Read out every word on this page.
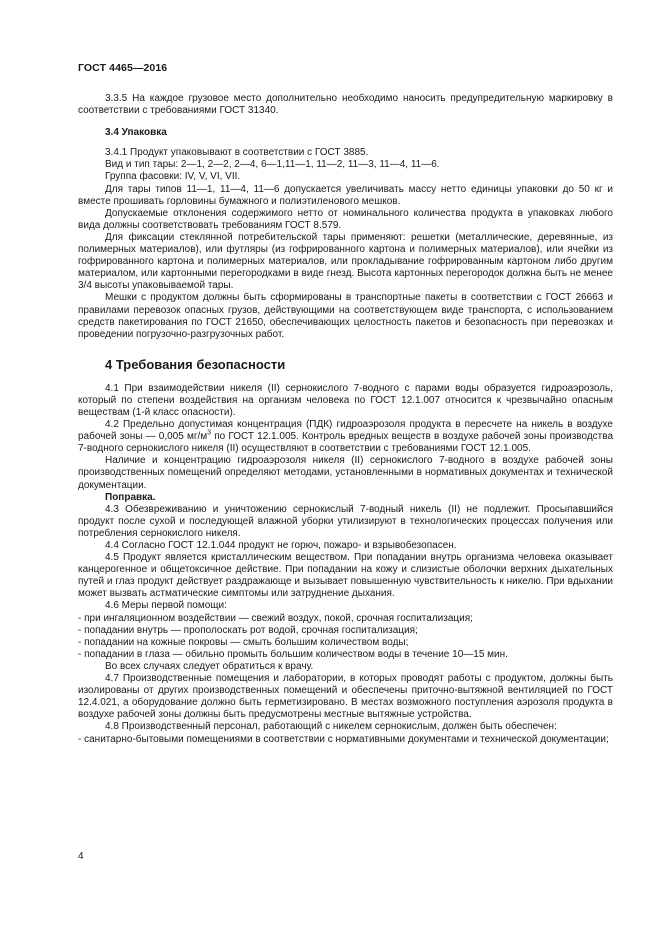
ГОСТ 4465—2016

3.3.5 На каждое грузовое место дополнительно необходимо наносить предупредительную маркировку в соответствии с требованиями ГОСТ 31340.

3.4 Упаковка

3.4.1 Продукт упаковывают в соответствии с ГОСТ 3885.

Вид и тип тары: 2—1, 2—2, 2—4, 6—1,11—1, 11—2, 11—3, 11—4, 11—6.

Группа фасовки: IV, V, VI, VII.

Для тары типов 11—1, 11—4, 11—6 допускается увеличивать массу нетто единицы упаковки до 50 кг и вместе прошивать горловины бумажного и полиэтиленового мешков.

Допускаемые отклонения содержимого нетто от номинального количества продукта в упаковках любого вида должны соответствовать требованиям ГОСТ 8.579.

Для фиксации стеклянной потребительской тары применяют: решетки (металлические, деревянные, из полимерных материалов), или футляры (из гофрированного картона и полимерных материалов), или ячейки из гофрированного картона и полимерных материалов, или прокладывание гофрированным картоном либо другим материалом, или картонными перегородками в виде гнезд. Высота картонных перегородок должна быть не менее 3/4 высоты упаковываемой тары.

Мешки с продуктом должны быть сформированы в транспортные пакеты в соответствии с ГОСТ 26663 и правилами перевозок опасных грузов, действующими на соответствующем виде транспорта, с использованием средств пакетирования по ГОСТ 21650, обеспечивающих целостность пакетов и безопасность при перевозках и проведении погрузочно-разгрузочных работ.

4 Требования безопасности

4.1 При взаимодействии никеля (II) сернокислого 7-водного с парами воды образуется гидроаэрозоль, который по степени воздействия на организм человека по ГОСТ 12.1.007 относится к чрезвычайно опасным веществам (1-й класс опасности).

4.2 Предельно допустимая концентрация (ПДК) гидроаэрозоля продукта в пересчете на никель в воздухе рабочей зоны — 0,005 $мг/м^3$ по ГОСТ 12.1.005. Контроль вредных веществ в воздухе рабочей зоны производства 7-водного сернокислого никеля (II) осуществляют в соответствии с требованиями ГОСТ 12.1.005.

Наличие и концентрацию гидроаэрозоля никеля (II) сернокислого 7-водного в воздухе рабочей зоны производственных помещений определяют методами, установленными в нормативных документах и технической документации.

Поправка.

4.3 Обезвреживанию и уничтожению сернокислый 7-водный никель (II) не подлежит. Просыпавшийся продукт после сухой и последующей влажной уборки утилизируют в технологических процессах получения или потребления сернокислого никеля.

4.4 Согласно ГОСТ 12.1.044 продукт не горюч, пожаро- и взрывобезопасен.

4.5 Продукт является кристаллическим веществом. При попадании внутрь организма человека оказывает канцерогенное и общетоксичное действие. При попадании на кожу и слизистые оболочки верхних дыхательных путей и глаз продукт действует раздражающе и вызывает повышенную чувствительность к никелю. При вдыхании может вызвать астматические симптомы или затруднение дыхания.

4.6 Меры первой помощи:

- при ингаляционном воздействии — свежий воздух, покой, срочная госпитализация;

- попадании внутрь — прополоскать рот водой, срочная госпитализация;

- попадании на кожные покровы — смыть большим количеством воды;

- попадании в глаза — обильно промыть большим количеством воды в течение 10—15 мин.

Во всех случаях следует обратиться к врачу.

4.7 Производственные помещения и лаборатории, в которых проводят работы с продуктом, должны быть изолированы от других производственных помещений и обеспечены приточно-вытяжной вентиляцией по ГОСТ 12.4.021, а оборудование должно быть герметизировано. В местах возможного поступления аэрозоля продукта в воздухе рабочей зоны должны быть предусмотрены местные вытяжные устройства.

4.8 Производственный персонал, работающий с никелем сернокислым, должен быть обеспечен:

- санитарно-бытовыми помещениями в соответствии с нормативными документами и технической документации;

4
